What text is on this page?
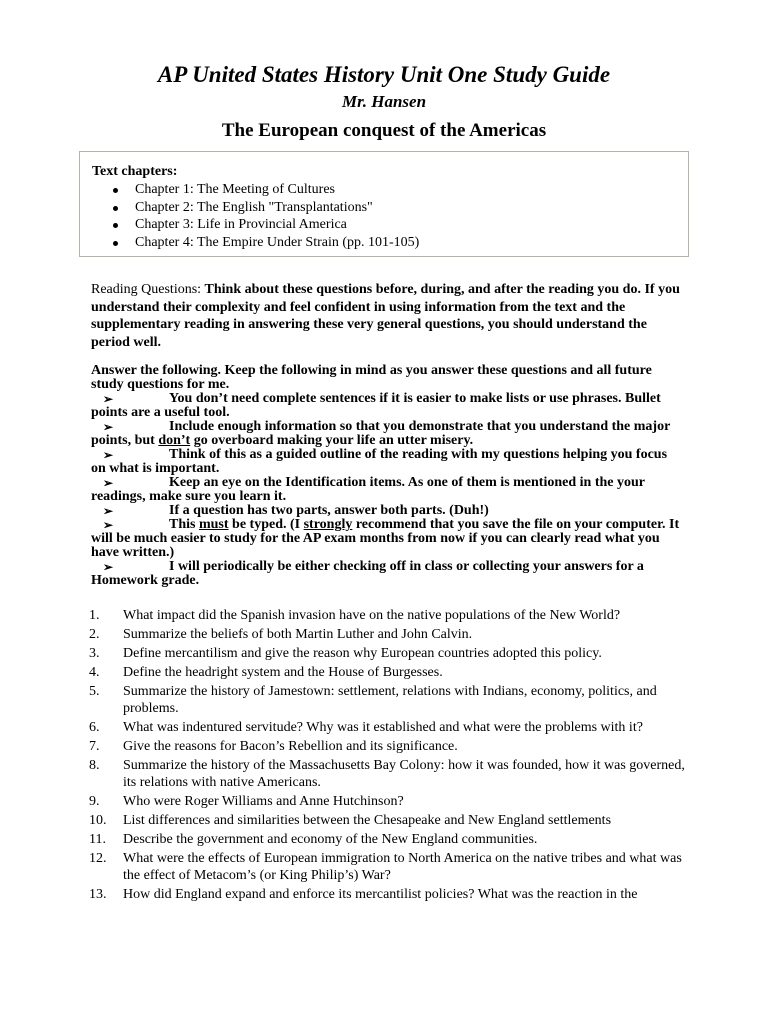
AP United States History Unit One Study Guide
Mr. Hansen
The European conquest of the Americas
Text chapters:
Chapter 1: The Meeting of Cultures
Chapter 2: The English "Transplantations"
Chapter 3: Life in Provincial America
Chapter 4: The Empire Under Strain (pp. 101-105)
Reading Questions: Think about these questions before, during, and after the reading you do. If you understand their complexity and feel confident in using information from the text and the supplementary reading in answering these very general questions, you should understand the period well.
Answer the following. Keep the following in mind as you answer these questions and all future study questions for me.
➢	You don’t need complete sentences if it is easier to make lists or use phrases. Bullet points are a useful tool.
➢	Include enough information so that you demonstrate that you understand the major points, but don’t go overboard making your life an utter misery.
➢	Think of this as a guided outline of the reading with my questions helping you focus on what is important.
➢	Keep an eye on the Identification items. As one of them is mentioned in the your readings, make sure you learn it.
➢	If a question has two parts, answer both parts. (Duh!)
➢	This must be typed. (I strongly recommend that you save the file on your computer. It will be much easier to study for the AP exam months from now if you can clearly read what you have written.)
➢	I will periodically be either checking off in class or collecting your answers for a Homework grade.
1. What impact did the Spanish invasion have on the native populations of the New World?
2. Summarize the beliefs of both Martin Luther and John Calvin.
3. Define mercantilism and give the reason why European countries adopted this policy.
4. Define the headright system and the House of Burgesses.
5. Summarize the history of Jamestown: settlement, relations with Indians, economy, politics, and problems.
6. What was indentured servitude? Why was it established and what were the problems with it?
7. Give the reasons for Bacon’s Rebellion and its significance.
8. Summarize the history of the Massachusetts Bay Colony: how it was founded, how it was governed, its relations with native Americans.
9. Who were Roger Williams and Anne Hutchinson?
10. List differences and similarities between the Chesapeake and New England settlements
11. Describe the government and economy of the New England communities.
12. What were the effects of European immigration to North America on the native tribes and what was the effect of Metacom’s (or King Philip’s) War?
13. How did England expand and enforce its mercantilist policies? What was the reaction in the
